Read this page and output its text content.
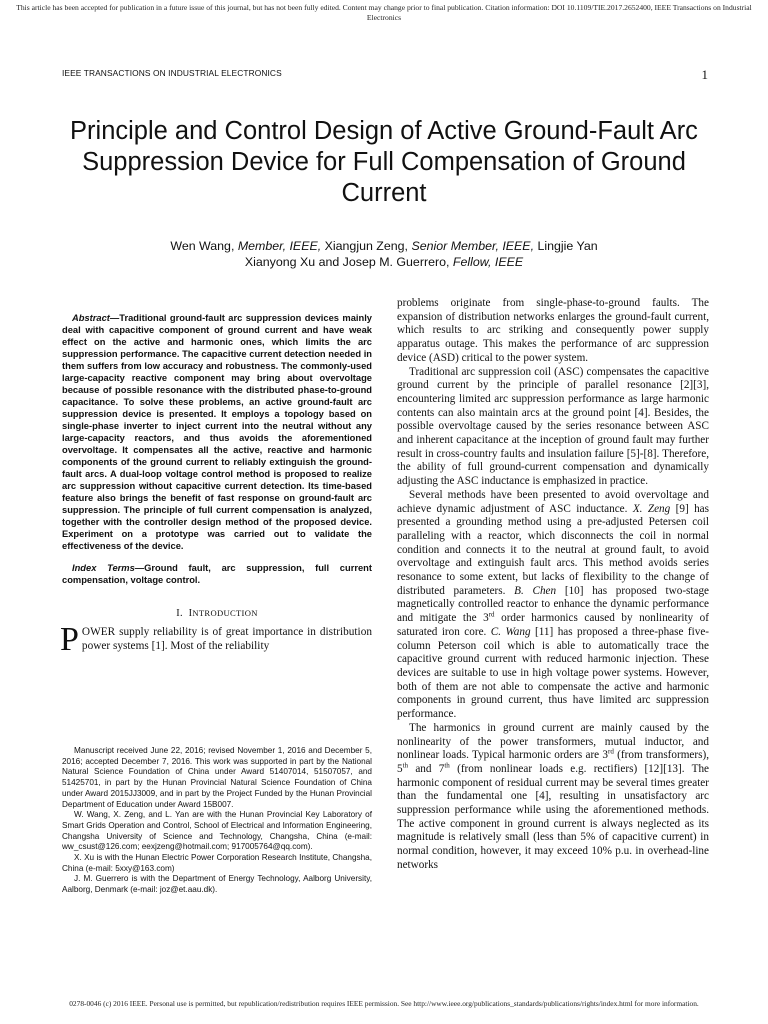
This article has been accepted for publication in a future issue of this journal, but has not been fully edited. Content may change prior to final publication. Citation information: DOI 10.1109/TIE.2017.2652400, IEEE Transactions on Industrial Electronics
IEEE TRANSACTIONS ON INDUSTRIAL ELECTRONICS	1
Principle and Control Design of Active Ground-Fault Arc Suppression Device for Full Compensation of Ground Current
Wen Wang, Member, IEEE, Xiangjun Zeng, Senior Member, IEEE, Lingjie Yan
Xianyong Xu and Josep M. Guerrero, Fellow, IEEE

Abstract—Traditional ground-fault arc suppression devices mainly deal with capacitive component of ground current and have weak effect on the active and harmonic ones, which limits the arc suppression performance. The capacitive current detection needed in them suffers from low accuracy and robustness. The commonly-used large-capacity reactive component may bring about overvoltage because of possible resonance with the distributed phase-to-ground capacitance. To solve these problems, an active ground-fault arc suppression device is presented. It employs a topology based on single-phase inverter to inject current into the neutral without any large-capacity reactors, and thus avoids the aforementioned overvoltage. It compensates all the active, reactive and harmonic components of the ground current to reliably extinguish the ground-fault arcs. A dual-loop voltage control method is proposed to realize arc suppression without capacitive current detection. Its time-based feature also brings the benefit of fast response on ground-fault arc suppression. The principle of full current compensation is analyzed, together with the controller design method of the proposed device. Experiment on a prototype was carried out to validate the effectiveness of the device.

Index Terms—Ground fault, arc suppression, full current compensation, voltage control.

I. INTRODUCTION

POWER supply reliability is of great importance in distribution power systems [1]. Most of the reliability

Manuscript received June 22, 2016; revised November 1, 2016 and December 5, 2016; accepted December 7, 2016. This work was supported in part by the National Natural Science Foundation of China under Award 51407014, 51507057, and 51425701, in part by the Hunan Provincial Natural Science Foundation of China under Award 2015JJ3009, and in part by the Project Funded by the Hunan Provincial Department of Education under Award 15B007.

W. Wang, X. Zeng, and L. Yan are with the Hunan Provincial Key Laboratory of Smart Grids Operation and Control, School of Electrical and Information Engineering, Changsha University of Science and Technology, Changsha, China (e-mail: ww_csust@126.com; eexjzeng@hotmail.com; 917005764@qq.com).

X. Xu is with the Hunan Electric Power Corporation Research Institute, Changsha, China (e-mail: 5xxy@163.com)

J. M. Guerrero is with the Department of Energy Technology, Aalborg University, Aalborg, Denmark (e-mail: joz@et.aau.dk).

problems originate from single-phase-to-ground faults. The expansion of distribution networks enlarges the ground-fault current, which results to arc striking and consequently power supply apparatus outage. This makes the performance of arc suppression device (ASD) critical to the power system.

Traditional arc suppression coil (ASC) compensates the capacitive ground current by the principle of parallel resonance [2][3], encountering limited arc suppression performance as large harmonic contents can also maintain arcs at the ground point [4]. Besides, the possible overvoltage caused by the series resonance between ASC and inherent capacitance at the inception of ground fault may further result in cross-country faults and insulation failure [5]-[8]. Therefore, the ability of full ground-current compensation and dynamically adjusting the ASC inductance is emphasized in practice.

Several methods have been presented to avoid overvoltage and achieve dynamic adjustment of ASC inductance. X. Zeng [9] has presented a grounding method using a pre-adjusted Petersen coil paralleling with a reactor, which disconnects the coil in normal condition and connects it to the neutral at ground fault, to avoid overvoltage and extinguish fault arcs. This method avoids series resonance to some extent, but lacks of flexibility to the change of distributed parameters. B. Chen [10] has proposed two-stage magnetically controlled reactor to enhance the dynamic performance and mitigate the 3rd order harmonics caused by nonlinearity of saturated iron core. C. Wang [11] has proposed a three-phase five-column Peterson coil which is able to automatically trace the capacitive ground current with reduced harmonic injection. These devices are suitable to use in high voltage power systems. However, both of them are not able to compensate the active and harmonic components in ground current, thus have limited arc suppression performance.

The harmonics in ground current are mainly caused by the nonlinearity of the power transformers, mutual inductor, and nonlinear loads. Typical harmonic orders are 3rd (from transformers), 5th and 7th (from nonlinear loads e.g. rectifiers) [12][13]. The harmonic component of residual current may be several times greater than the fundamental one [4], resulting in unsatisfactory arc suppression performance while using the aforementioned methods. The active component in ground current is always neglected as its magnitude is relatively small (less than 5% of capacitive current) in normal condition, however, it may exceed 10% p.u. in overhead-line networks

0278-0046 (c) 2016 IEEE. Personal use is permitted, but republication/redistribution requires IEEE permission. See http://www.ieee.org/publications_standards/publications/rights/index.html for more information.
